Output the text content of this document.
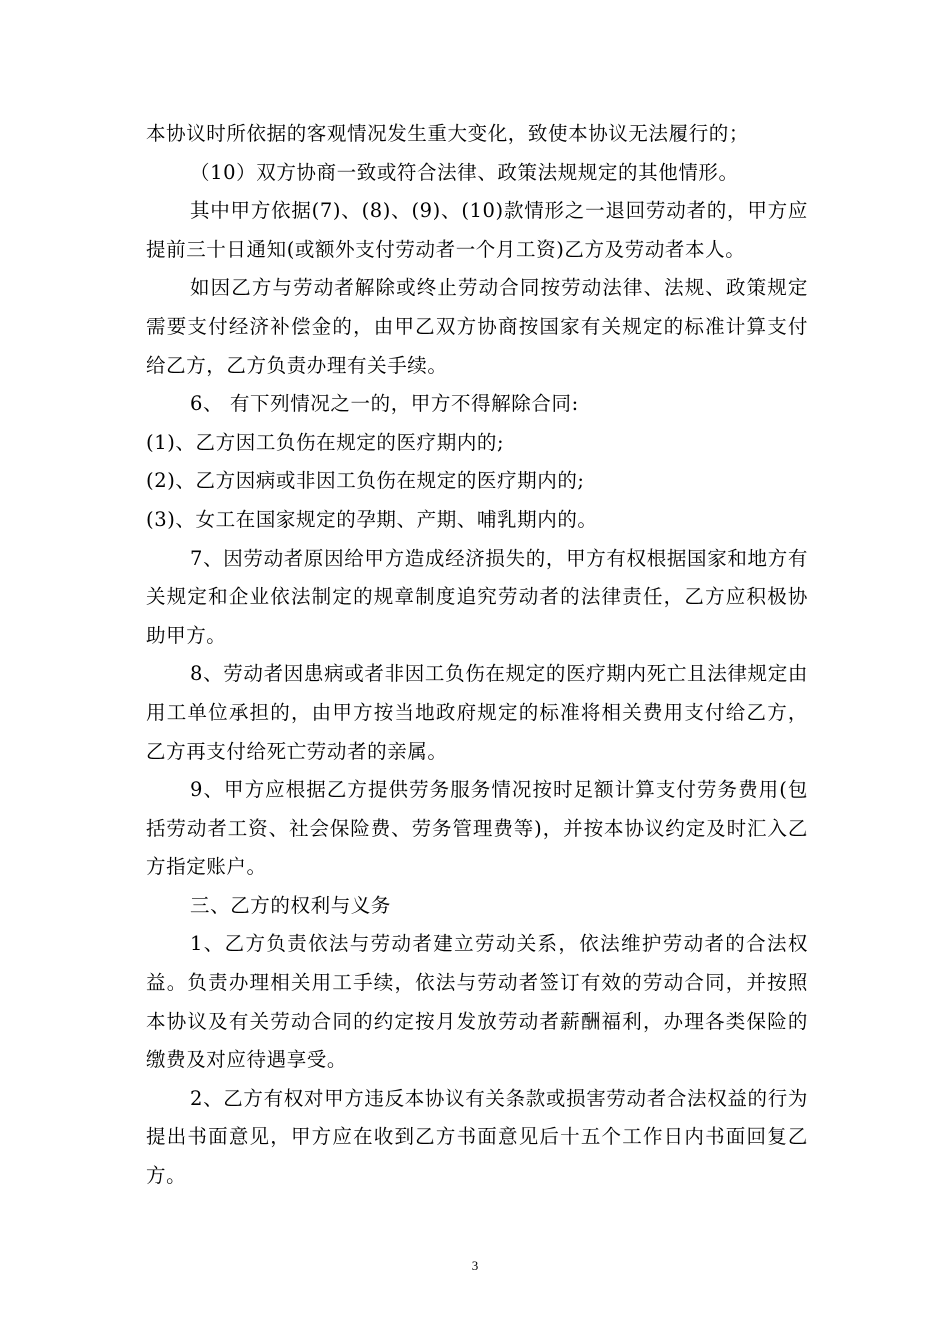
本协议时所依据的客观情况发生重大变化，致使本协议无法履行的；

（10）双方协商一致或符合法律、政策法规规定的其他情形。

其中甲方依据(7)、(8)、(9)、(10)款情形之一退回劳动者的，甲方应提前三十日通知(或额外支付劳动者一个月工资)乙方及劳动者本人。

如因乙方与劳动者解除或终止劳动合同按劳动法律、法规、政策规定需要支付经济补偿金的，由甲乙双方协商按国家有关规定的标准计算支付给乙方，乙方负责办理有关手续。

6、 有下列情况之一的，甲方不得解除合同:

(1)、乙方因工负伤在规定的医疗期内的;

(2)、乙方因病或非因工负伤在规定的医疗期内的;

(3)、女工在国家规定的孕期、产期、哺乳期内的。

7、因劳动者原因给甲方造成经济损失的，甲方有权根据国家和地方有关规定和企业依法制定的规章制度追究劳动者的法律责任，乙方应积极协助甲方。

8、劳动者因患病或者非因工负伤在规定的医疗期内死亡且法律规定由用工单位承担的，由甲方按当地政府规定的标准将相关费用支付给乙方， 乙方再支付给死亡劳动者的亲属。

9、甲方应根据乙方提供劳务服务情况按时足额计算支付劳务费用(包括劳动者工资、社会保险费、劳务管理费等)，并按本协议约定及时汇入乙方指定账户。

三、乙方的权利与义务

1、乙方负责依法与劳动者建立劳动关系，依法维护劳动者的合法权益。负责办理相关用工手续，依法与劳动者签订有效的劳动合同，并按照本协议及有关劳动合同的约定按月发放劳动者薪酬福利，办理各类保险的缴费及对应待遇享受。

2、乙方有权对甲方违反本协议有关条款或损害劳动者合法权益的行为提出书面意见，甲方应在收到乙方书面意见后十五个工作日内书面回复乙方。

3
